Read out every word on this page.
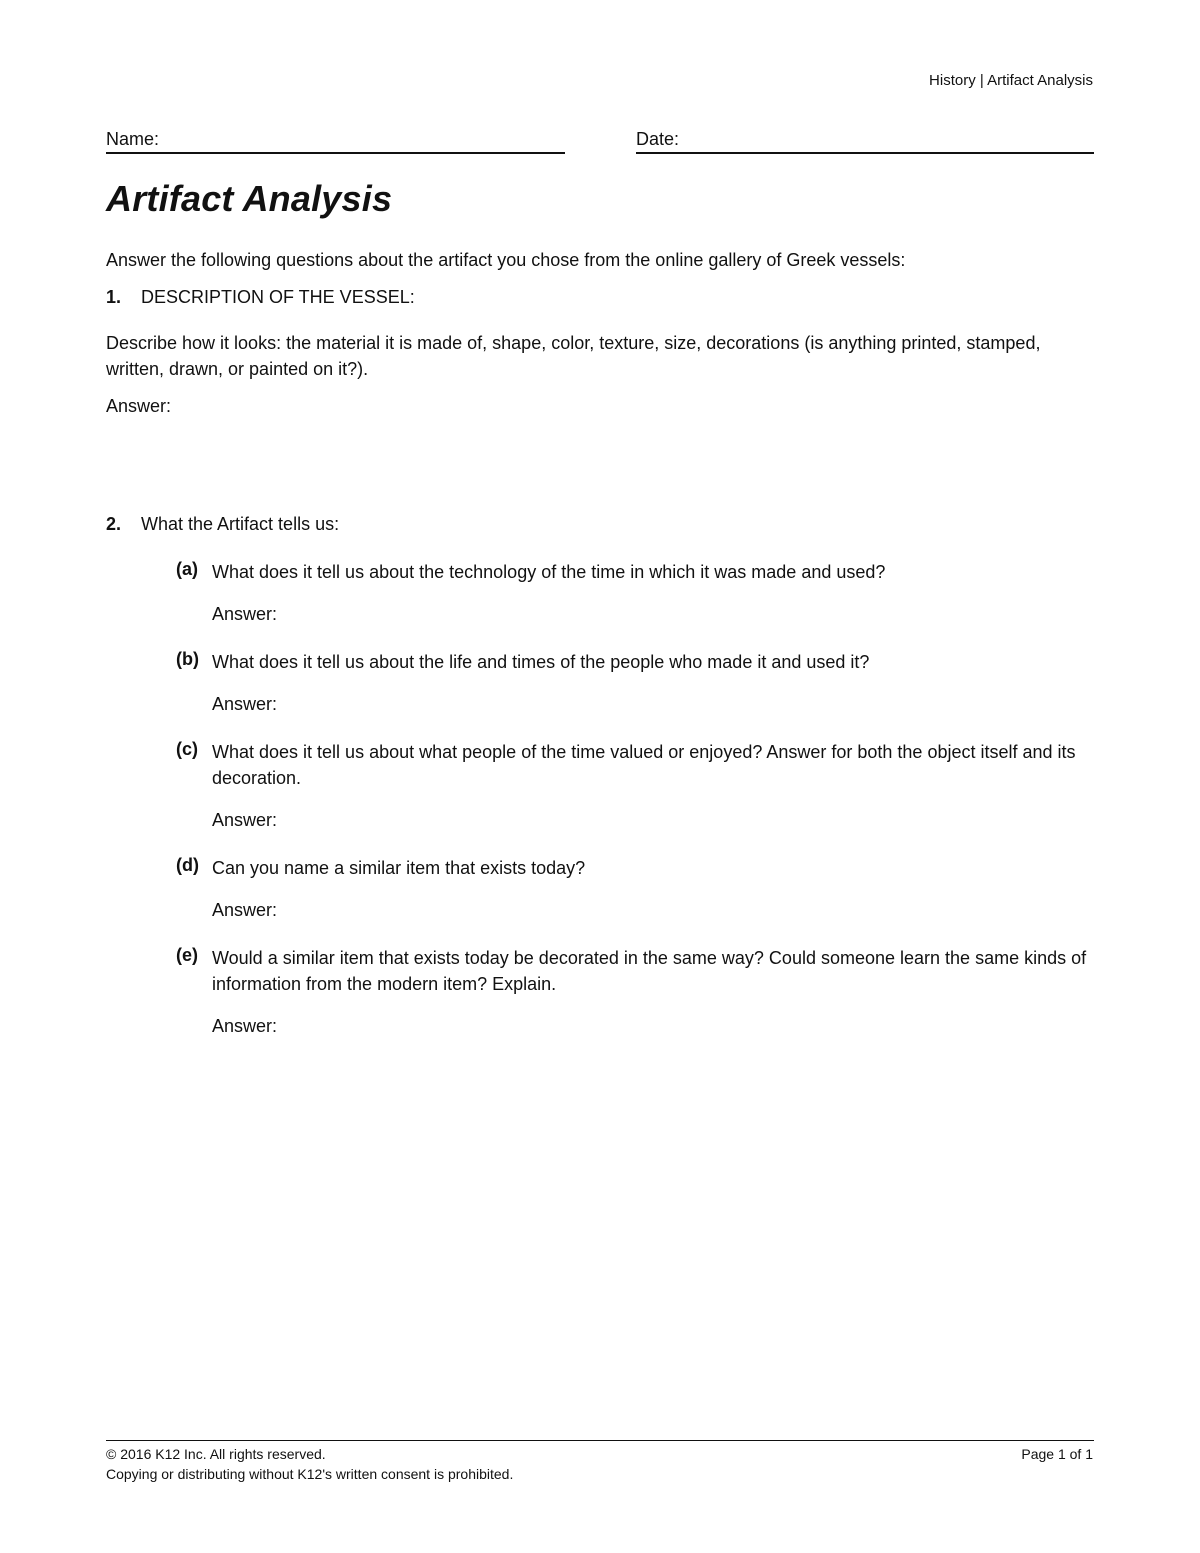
History | Artifact Analysis
Name:	Date:
Artifact Analysis
Answer the following questions about the artifact you chose from the online gallery of Greek vessels:
1. DESCRIPTION OF THE VESSEL:
Describe how it looks: the material it is made of, shape, color, texture, size, decorations (is anything printed, stamped, written, drawn, or painted on it?).
Answer:
2. What the Artifact tells us:
(a) What does it tell us about the technology of the time in which it was made and used?
Answer:
(b) What does it tell us about the life and times of the people who made it and used it?
Answer:
(c) What does it tell us about what people of the time valued or enjoyed? Answer for both the object itself and its decoration.
Answer:
(d) Can you name a similar item that exists today?
Answer:
(e) Would a similar item that exists today be decorated in the same way? Could someone learn the same kinds of information from the modern item? Explain.
Answer:
© 2016 K12 Inc. All rights reserved.
Copying or distributing without K12's written consent is prohibited.
Page 1 of 1
